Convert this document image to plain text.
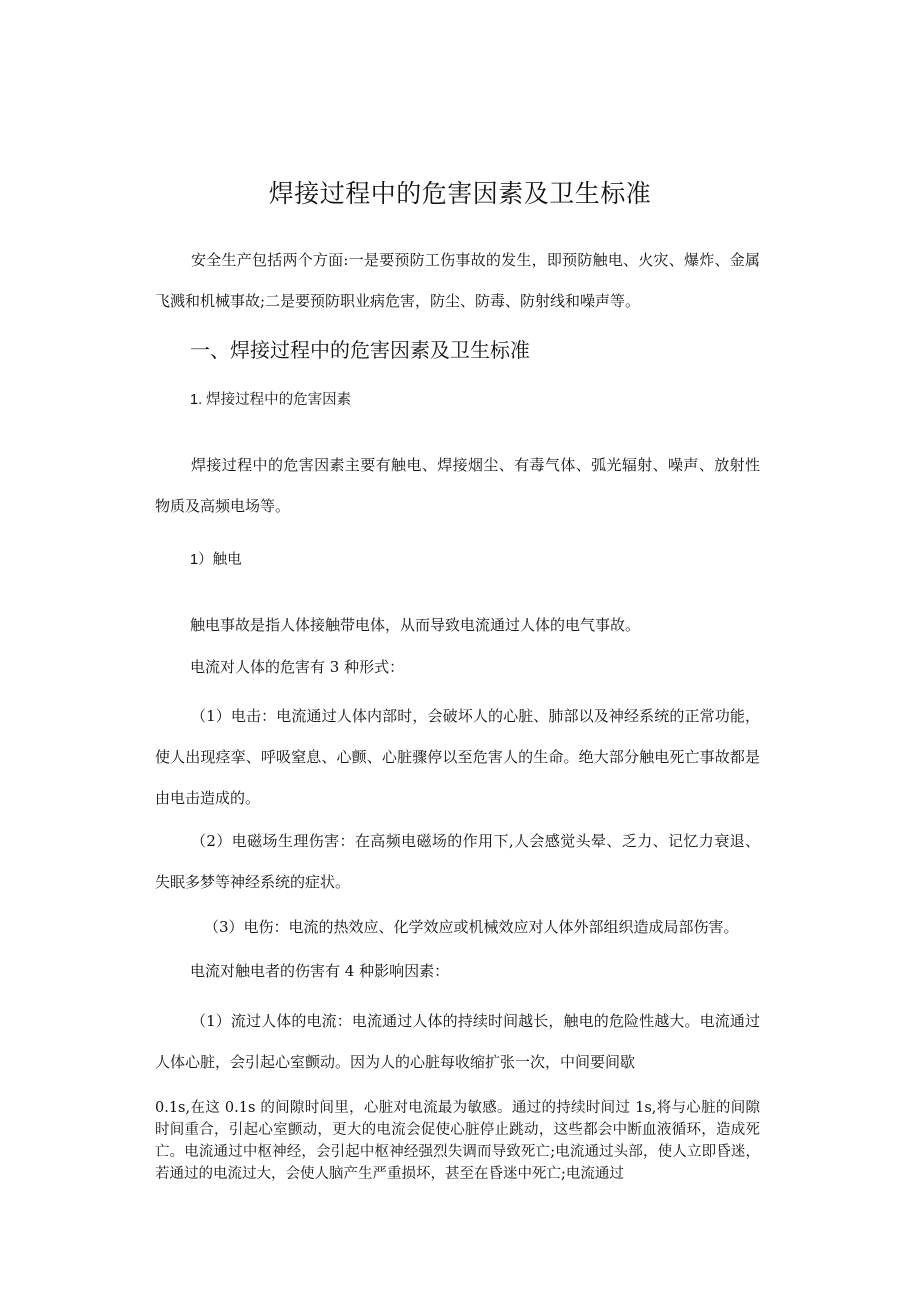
焊接过程中的危害因素及卫生标准
安全生产包括两个方面:一是要预防工伤事故的发生，即预防触电、火灾、爆炸、金属飞溅和机械事故;二是要预防职业病危害，防尘、防毒、防射线和噪声等。
一、焊接过程中的危害因素及卫生标准
1. 焊接过程中的危害因素
焊接过程中的危害因素主要有触电、焊接烟尘、有毒气体、弧光辐射、噪声、放射性物质及高频电场等。
1）触电
触电事故是指人体接触带电体，从而导致电流通过人体的电气事故。
电流对人体的危害有 3 种形式：
（1）电击：电流通过人体内部时，会破坏人的心脏、肺部以及神经系统的正常功能，使人出现痉挛、呼吸窒息、心颤、心脏骤停以至危害人的生命。绝大部分触电死亡事故都是由电击造成的。
（2）电磁场生理伤害：在高频电磁场的作用下,人会感觉头晕、乏力、记忆力衰退、失眠多梦等神经系统的症状。
（3）电伤：电流的热效应、化学效应或机械效应对人体外部组织造成局部伤害。
电流对触电者的伤害有 4 种影响因素：
（1）流过人体的电流：电流通过人体的持续时间越长，触电的危险性越大。电流通过人体心脏，会引起心室颤动。因为人的心脏每收缩扩张一次，中间要间歇
0.1s,在这 0.1s 的间隙时间里，心脏对电流最为敏感。通过的持续时间过 1s,将与心脏的间隙时间重合，引起心室颤动，更大的电流会促使心脏停止跳动，这些都会中断血液循环，造成死亡。电流通过中枢神经，会引起中枢神经强烈失调而导致死亡;电流通过头部，使人立即昏迷，若通过的电流过大，会使人脑产生严重损坏，甚至在昏迷中死亡;电流通过
